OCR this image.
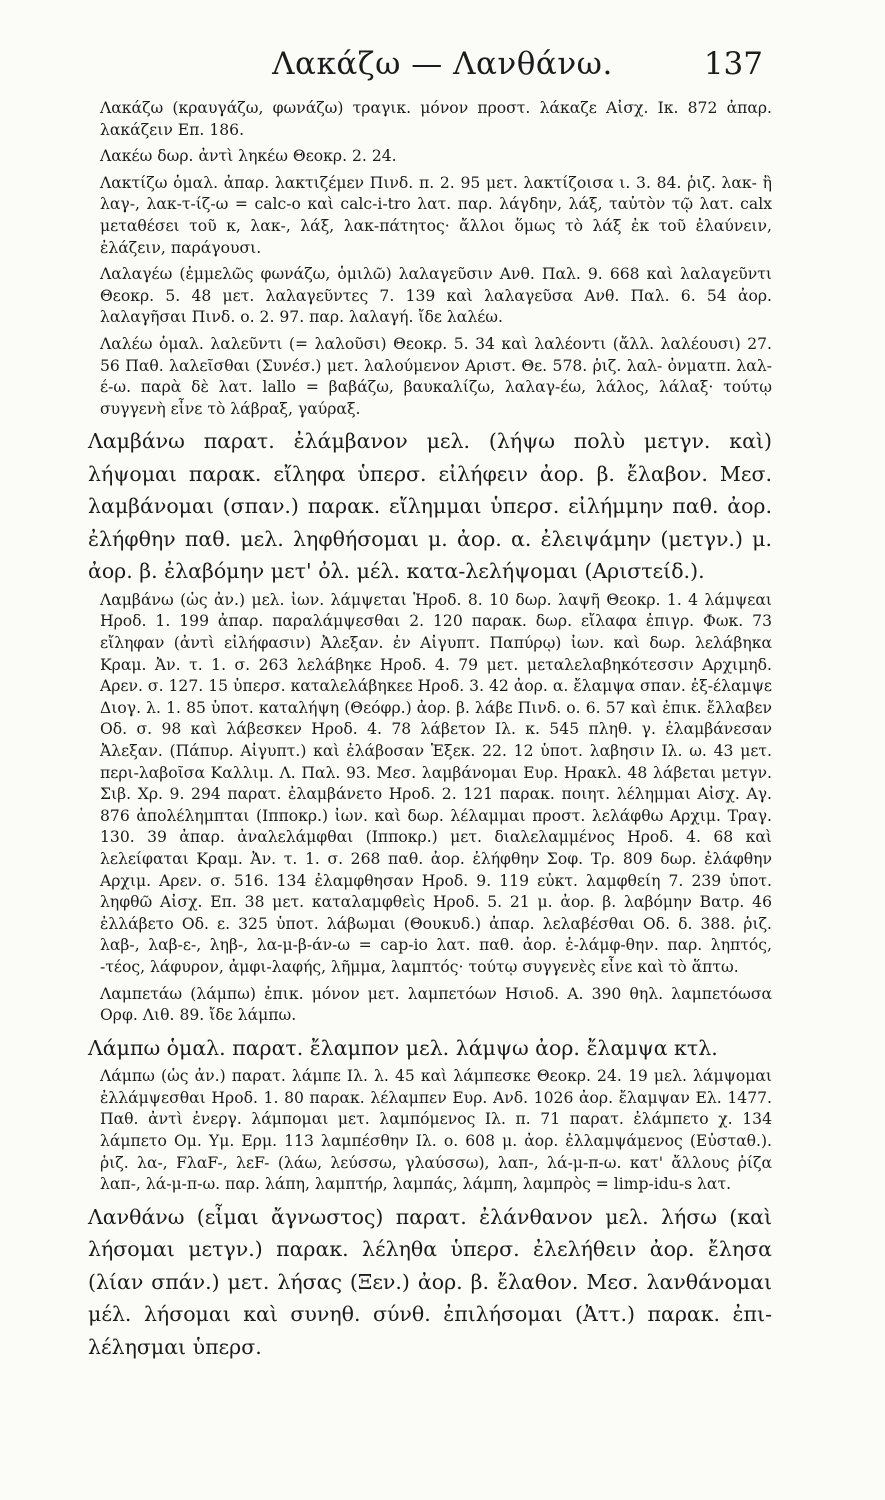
Λακάζω — Λανθάνω.	137

Λακάζω (κραυγάζω, φωνάζω) τραγικ. μόνον προστ. λάκαζε Αἰσχ. Ικ. 872 ἀπαρ. λακάζειν Επ. 186.

Λακέω δωρ. ἀντὶ ληκέω Θεοκρ. 2. 24.

Λακτίζω ὁμαλ. ἀπαρ. λακτιζέμεν Πινδ. π. 2. 95 μετ. λακτίζοισα ι. 3. 84. ῥιζ. λακ- ἢ λαγ-, λακ-τ-ίζ-ω = calc-o καὶ calc-i-tro λατ. παρ. λάγδην, λάξ, ταὐτὸν τῷ λατ. calx μεταθέσει τοῦ κ, λακ-, λάξ, λακ-πάτητος· ἄλλοι ὅμως τὸ λάξ ἐκ τοῦ ἐλαύνειν, ἐλάζειν, παράγουσι.

Λαλαγέω (ἐμμελῶς φωνάζω, ὁμιλῶ) λαλαγεῦσιν Ανθ. Παλ. 9. 668 καὶ λαλαγεῦντι Θεοκρ. 5. 48 μετ. λαλαγεῦντες 7. 139 καὶ λαλαγεῦσα Ανθ. Παλ. 6. 54 ἀορ. λαλαγῆσαι Πινδ. ο. 2. 97. παρ. λαλαγή. ἴδε λαλέω.

Λαλέω ὁμαλ. λαλεῦντι (= λαλοῦσι) Θεοκρ. 5. 34 καὶ λαλέοντι (ἄλλ. λαλέουσι) 27. 56 Παθ. λαλεῖσθαι (Συνέσ.) μετ. λαλούμενον Αριστ. Θε. 578. ῥιζ. λαλ- ὀνματπ. λαλ-έ-ω. παρὰ δὲ λατ. lallo = βαβάζω, βαυκαλίζω, λαλαγ-έω, λάλος, λάλαξ· τούτῳ συγγενὴ εἶνε τὸ λάβραξ, γαύραξ.

Λαμβάνω παρατ. ἐλάμβανον μελ. (λήψω πολὺ μετγν. καὶ) λήψομαι παρακ. εἴληφα ὑπερσ. εἰλήφειν ἀορ. β. ἔλαβον. Μεσ. λαμβάνομαι (σπαν.) παρακ. εἴλημμαι ὑπερσ. εἰλήμμην παθ. ἀορ. ἐλήφθην παθ. μελ. ληφθήσομαι μ. ἀορ. α. ἐλειψάμην (μετγν.) μ. ἀορ. β. ἐλαβόμην μετ' ὀλ. μέλ. κατα-λελήψομαι (Αριστείδ.).

Λαμβάνω (ὡς ἀν.) μελ. ἰων. λάμψεται Ἡροδ. 8. 10 δωρ. λαψῆ Θεοκρ. 1. 4 λάμψεαι Ηροδ. 1. 199 ἀπαρ. παραλάμψεσθαι 2. 120 παρακ. δωρ. εἴλαφα ἐπιγρ. Φωκ. 73 εἴληφαν (ἀντὶ εἰλήφασιν) Ἀλεξαν. ἐν Αἰγυπτ. Παπύρῳ) ἰων. καὶ δωρ. λελάβηκα Κραμ. Ἀν. τ. 1. σ. 263 λελάβηκε Ηροδ. 4. 79 μετ. μεταλελαβηκότεσσιν Αρχιμηδ. Αρεν. σ. 127. 15 ὑπερσ. καταλελάβηκεε Ηροδ. 3. 42 ἀορ. α. ἔλαμψα σπαν. ἐξ-έλαμψε Διογ. λ. 1. 85 ὑποτ. καταλήψη (Θεόφρ.) ἀορ. β. λάβε Πινδ. ο. 6. 57 καὶ ἐπικ. ἔλλαβεν Οδ. σ. 98 καὶ λάβεσκεν Ηροδ. 4. 78 λάβετον Ιλ. κ. 545 πληθ. γ. ἐλαμβάνεσαν Ἀλεξαν. (Πάπυρ. Αἰγυπτ.) καὶ ἐλάβοσαν Ἑξεκ. 22. 12 ὑποτ. λαβησιν Ιλ. ω. 43 μετ. περι-λαβοῖσα Καλλιμ. Λ. Παλ. 93. Μεσ. λαμβάνομαι Ευρ. Ηρακλ. 48 λάβεται μετγν. Σιβ. Χρ. 9. 294 παρατ. ἐλαμβάνετο Ηροδ. 2. 121 παρακ. ποιητ. λέλημμαι Αἰσχ. Αγ. 876 ἀπολέλημπται (Ιπποκρ.) ἰων. καὶ δωρ. λέλαμμαι προστ. λελάφθω Αρχιμ. Τραγ. 130. 39 ἀπαρ. ἀναλελάμφθαι (Ιπποκρ.) μετ. διαλελαμμένος Ηροδ. 4. 68 καὶ λελείφαται Κραμ. Ἀν. τ. 1. σ. 268 παθ. ἀορ. ἐλήφθην Σοφ. Τρ. 809 δωρ. ἐλάφθην Αρχιμ. Αρεν. σ. 516. 134 ἐλαμφθησαν Ηροδ. 9. 119 εὐκτ. λαμφθείη 7. 239 ὑποτ. ληφθῶ Αἰσχ. Επ. 38 μετ. καταλαμφθεὶς Ηροδ. 5. 21 μ. ἀορ. β. λαβόμην Βατρ. 46 ἐλλάβετο Οδ. ε. 325 ὑποτ. λάβωμαι (Θουκυδ.) ἀπαρ. λελαβέσθαι Οδ. δ. 388. ῥιζ. λαβ-, λαβ-ε-, ληβ-, λα-μ-β-άν-ω = cap-io λατ. παθ. ἀορ. ἐ-λάμφ-θην. παρ. ληπτός, -τέος, λάφυρον, ἀμφι-λαφής, λῆμμα, λαμπτός· τούτῳ συγγενὲς εἶνε καὶ τὸ ἅπτω.

Λαμπετάω (λάμπω) ἐπικ. μόνον μετ. λαμπετόων Ησιοδ. Α. 390 θηλ. λαμπετόωσα Ορφ. Λιθ. 89. ἴδε λάμπω.

Λάμπω ὁμαλ. παρατ. ἔλαμπον μελ. λάμψω ἀορ. ἔλαμψα κτλ.

Λάμπω (ὡς ἀν.) παρατ. λάμπε Ιλ. λ. 45 καὶ λάμπεσκε Θεοκρ. 24. 19 μελ. λάμψομαι ἐλλάμψεσθαι Ηροδ. 1. 80 παρακ. λέλαμπεν Ευρ. Ανδ. 1026 ἀορ. ἔλαμψαν Ελ. 1477. Παθ. ἀντὶ ἐνεργ. λάμπομαι μετ. λαμπόμενος Ιλ. π. 71 παρατ. ἐλάμπετο χ. 134 λάμπετο Ομ. Υμ. Ερμ. 113 λαμπέσθην Ιλ. ο. 608 μ. ἀορ. ἐλλαμψάμενος (Εὐσταθ.). ῥιζ. λα-, FλαF-, λεF- (λάω, λεύσσω, γλαύσσω), λαπ-, λά-μ-π-ω. κατ' ἄλλους ῥίζα λαπ-, λά-μ-π-ω. παρ. λάπη, λαμπτήρ, λαμπάς, λάμπη, λαμπρὸς = limp-idu-s λατ.

Λανθάνω (εἶμαι ἄγνωστος) παρατ. ἐλάνθανον μελ. λήσω (καὶ λήσομαι μετγν.) παρακ. λέληθα ὑπερσ. ἐλελήθειν ἀορ. ἔλησα (λίαν σπάν.) μετ. λήσας (Ξεν.) ἀορ. β. ἔλαθον. Μεσ. λανθάνομαι μέλ. λήσομαι καὶ συνηθ. σύνθ. ἐπιλήσομαι (Ἀττ.) παρακ. ἐπι-λέλησμαι ὑπερσ.
